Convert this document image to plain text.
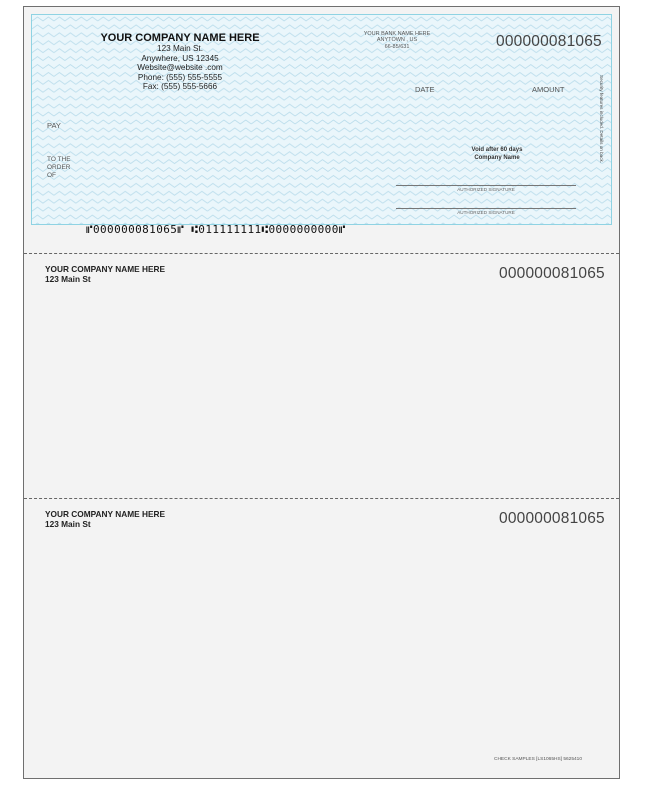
YOUR COMPANY NAME HERE
123 Main St.
Anywhere, US 12345
Website@website .com
Phone: (555) 555-5555
Fax: (555) 555-5666
YOUR BANK NAME HERE
ANYTOWN , US
66-85/631	000000081065
DATE	AMOUNT	Security features included. Details on back.
PAY
TO THE
ORDER
OF
Void after 60 days
Company Name
AUTHORIZED SIGNATURE
AUTHORIZED SIGNATURE
⑈000000081065⑈ ⑆011111111⑆0000000000⑈
YOUR COMPANY NAME HERE
123 Main St	000000081065
YOUR COMPANY NAME HERE
123 Main St	000000081065
CHECK SAMPLES [LS1065HS] 5625410
